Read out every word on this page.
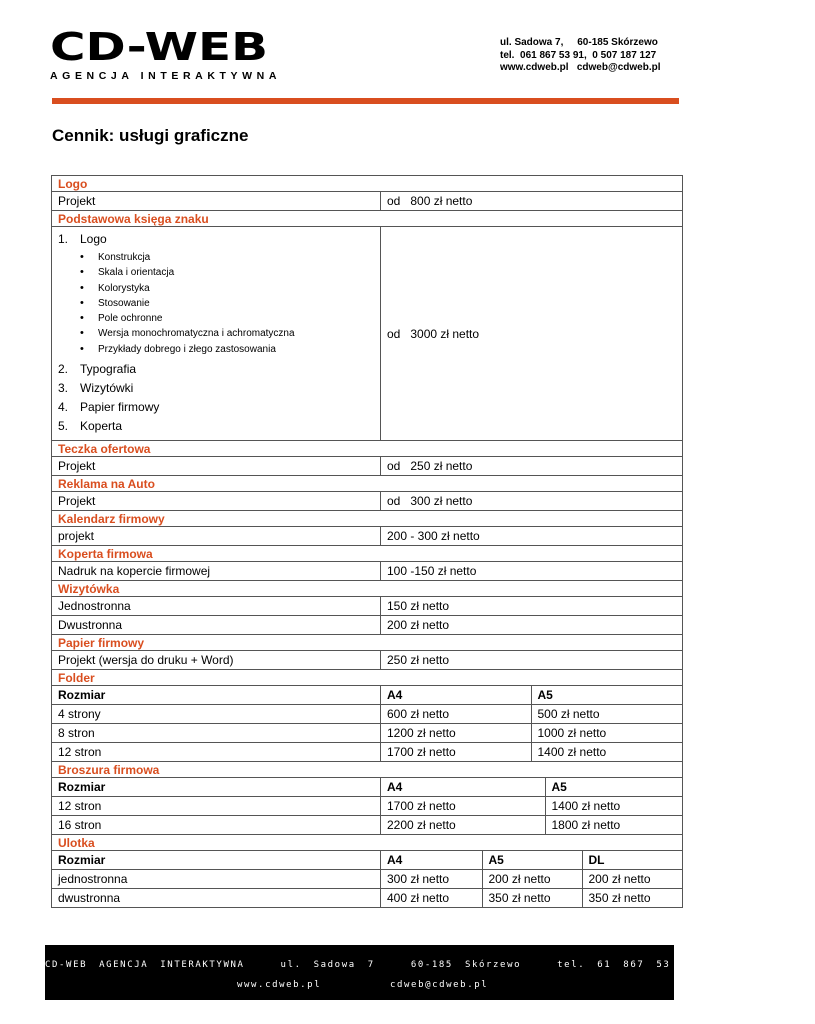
CD-WEB
AGENCJA INTERAKTYWNA
ul. Sadowa 7,     60-185 Skórzewo
tel.  061 867 53 91,  0 507 187 127
www.cdweb.pl   cdweb@cdweb.pl
Cennik: usługi graficzne
Logo
Projekt	od   800 zł netto
Podstawowa księga znaku

1. Logo
• Konstrukcja
• Skala i orientacja
• Kolorystyka
• Stosowanie
• Pole ochronne
• Wersja monochromatyczna i achromatyczna
• Przykłady dobrego i złego zastosowania
2. Typografia
3. Wizytówki
4. Papier firmowy
5. Koperta
	od   3000 zł netto
Teczka ofertowa
Projekt	od   250 zł netto
Reklama na Auto
Projekt	od   300 zł netto
Kalendarz firmowy
projekt	200 - 300 zł netto
Koperta firmowa
Nadruk na kopercie firmowej	100 -150 zł netto
Wizytówka
Jednostronna	150 zł netto
Dwustronna	200 zł netto
Papier firmowy
Projekt (wersja do druku + Word)	250 zł netto
Folder
Rozmiar		A4	A5

4 strony		600 zł netto	500 zł netto

8 stron		1200 zł netto	1000 zł netto

12 stron		1700 zł netto	1400 zł netto

Broszura firmowa
Rozmiar		A4	A5

12 stron		1700 zł netto	1400 zł netto

16 stron		2200 zł netto	1800 zł netto

Ulotka
Rozmiar		A4	A5	DL

jednostronna		300 zł netto	200 zł netto	200 zł netto

dwustronna		400 zł netto	350 zł netto	350 zł netto
CD-WEB AGENCJA INTERAKTYWNA   ul. Sadowa 7   60-185 Skórzewo   tel. 61 867 53 91,  507 187 127
www.cdweb.pl	cdweb@cdweb.pl
